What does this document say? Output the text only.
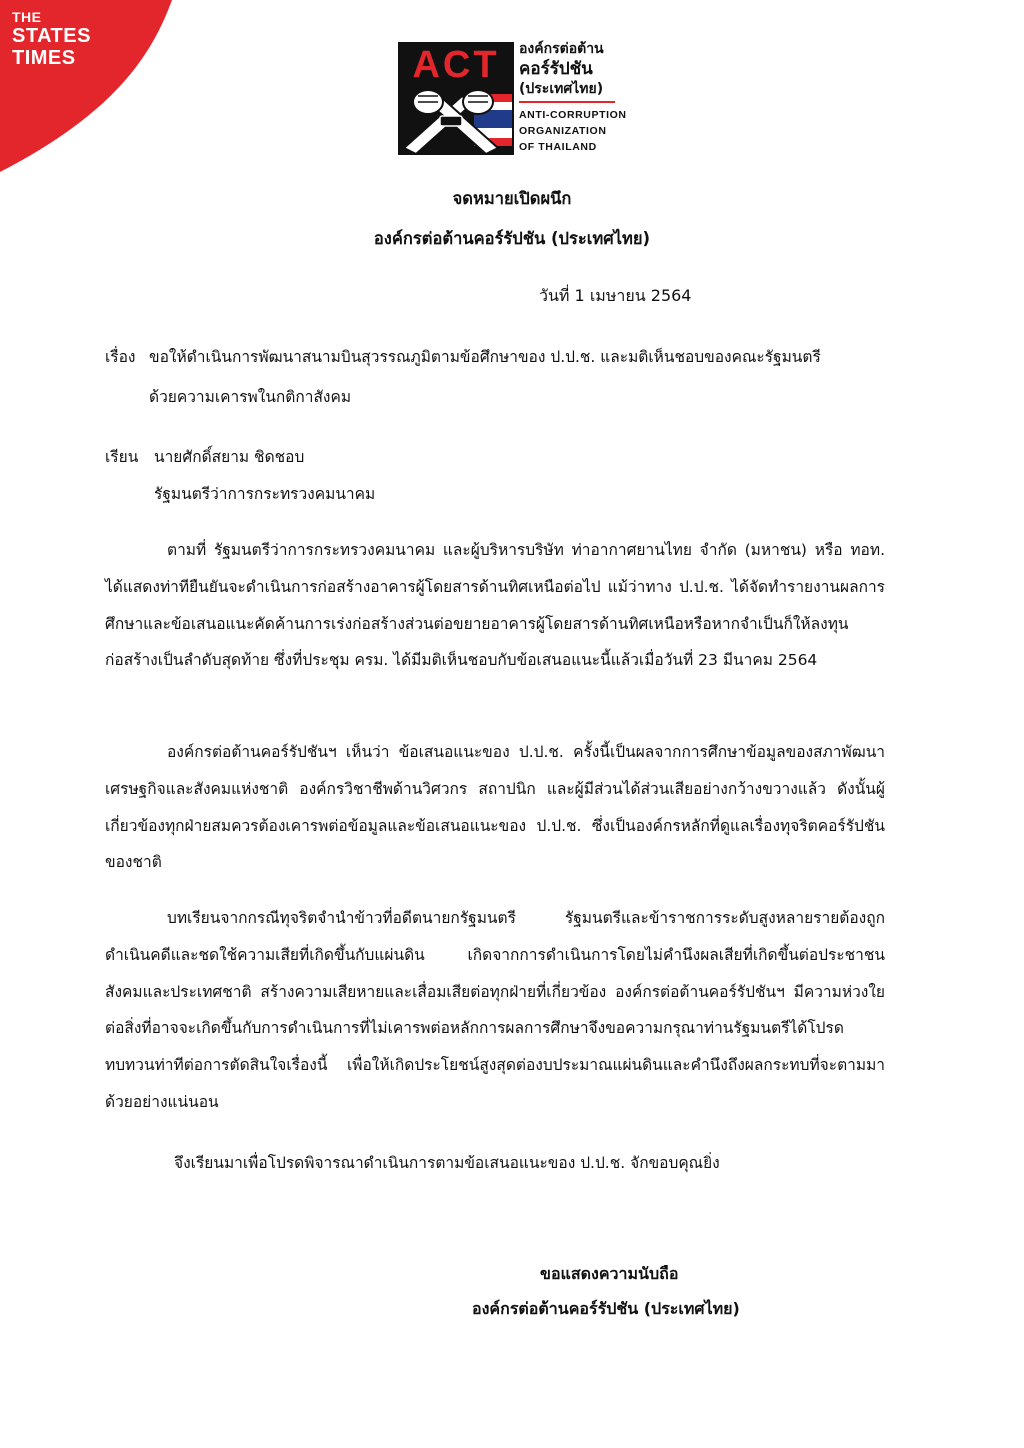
THE
STATES
TIMES	ACT	องค์กรต่อต้าน
คอร์รัปชัน
(ประเทศไทย)
ANTI-CORRUPTION
ORGANIZATION
OF THAILAND
จดหมายเปิดผนึก
องค์กรต่อต้านคอร์รัปชัน (ประเทศไทย)
วันที่ 1 เมษายน 2564
เรื่อง ขอให้ดำเนินการพัฒนาสนามบินสุวรรณภูมิตามข้อศึกษาของ ป.ป.ช. และมติเห็นชอบของคณะรัฐมนตรี
ด้วยความเคารพในกติกาสังคม
เรียน นายศักดิ์สยาม ชิดชอบ
รัฐมนตรีว่าการกระทรวงคมนาคม
ตามที่ รัฐมนตรีว่าการกระทรวงคมนาคม และผู้บริหารบริษัท ท่าอากาศยานไทย จำกัด (มหาชน) หรือ ทอท. ได้แสดงท่าทียืนยันจะดำเนินการก่อสร้างอาคารผู้โดยสารด้านทิศเหนือต่อไป แม้ว่าทาง ป.ป.ช. ได้จัดทำรายงานผลการศึกษาและข้อเสนอแนะคัดค้านการเร่งก่อสร้างส่วนต่อขยายอาคารผู้โดยสารด้านทิศเหนือหรือหากจำเป็นก็ให้ลงทุนก่อสร้างเป็นลำดับสุดท้าย ซึ่งที่ประชุม ครม. ได้มีมติเห็นชอบกับข้อเสนอแนะนี้แล้วเมื่อวันที่ 23 มีนาคม 2564
องค์กรต่อต้านคอร์รัปชันฯ เห็นว่า ข้อเสนอแนะของ ป.ป.ช. ครั้งนี้เป็นผลจากการศึกษาข้อมูลของสภาพัฒนาเศรษฐกิจและสังคมแห่งชาติ องค์กรวิชาชีพด้านวิศวกร สถาปนิก และผู้มีส่วนได้ส่วนเสียอย่างกว้างขวางแล้ว ดังนั้นผู้เกี่ยวข้องทุกฝ่ายสมควรต้องเคารพต่อข้อมูลและข้อเสนอแนะของ ป.ป.ช. ซึ่งเป็นองค์กรหลักที่ดูแลเรื่องทุจริตคอร์รัปชันของชาติ
บทเรียนจากกรณีทุจริตจำนำข้าวที่อดีตนายกรัฐมนตรี รัฐมนตรีและข้าราชการระดับสูงหลายรายต้องถูกดำเนินคดีและชดใช้ความเสียที่เกิดขึ้นกับแผ่นดิน เกิดจากการดำเนินการโดยไม่คำนึงผลเสียที่เกิดขึ้นต่อประชาชน สังคมและประเทศชาติ สร้างความเสียหายและเสื่อมเสียต่อทุกฝ่ายที่เกี่ยวข้อง องค์กรต่อต้านคอร์รัปชันฯ มีความห่วงใยต่อสิ่งที่อาจจะเกิดขึ้นกับการดำเนินการที่ไม่เคารพต่อหลักการผลการศึกษาจึงขอความกรุณาท่านรัฐมนตรีได้โปรดทบทวนท่าทีต่อการตัดสินใจเรื่องนี้ เพื่อให้เกิดประโยชน์สูงสุดต่องบประมาณแผ่นดินและคำนึงถึงผลกระทบที่จะตามมาด้วยอย่างแน่นอน
จึงเรียนมาเพื่อโปรดพิจารณาดำเนินการตามข้อเสนอแนะของ ป.ป.ช. จักขอบคุณยิ่ง
ขอแสดงความนับถือ
องค์กรต่อต้านคอร์รัปชัน (ประเทศไทย)
